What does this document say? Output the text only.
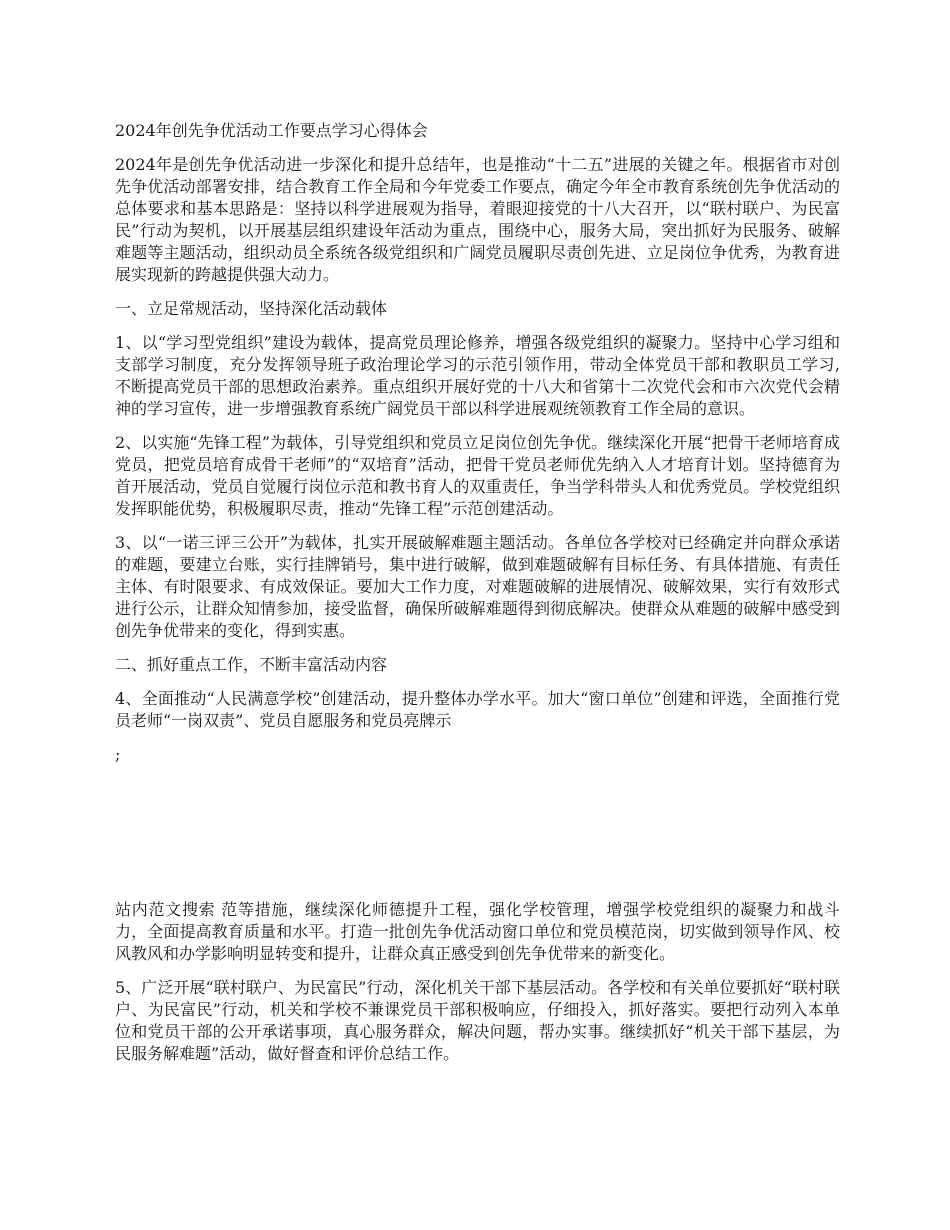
2024年创先争优活动工作要点学习心得体会

2024年是创先争优活动进一步深化和提升总结年，也是推动“十二五”进展的关键之年。根据省市对创先争优活动部署安排，结合教育工作全局和今年党委工作要点，确定今年全市教育系统创先争优活动的总体要求和基本思路是：坚持以科学进展观为指导，着眼迎接党的十八大召开，以“联村联户、为民富民”行动为契机，以开展基层组织建设年活动为重点，围绕中心，服务大局，突出抓好为民服务、破解难题等主题活动，组织动员全系统各级党组织和广阔党员履职尽责创先进、立足岗位争优秀，为教育进展实现新的跨越提供强大动力。

一、立足常规活动，坚持深化活动载体

1、以“学习型党组织”建设为载体，提高党员理论修养，增强各级党组织的凝聚力。坚持中心学习组和支部学习制度，充分发挥领导班子政治理论学习的示范引领作用，带动全体党员干部和教职员工学习,不断提高党员干部的思想政治素养。重点组织开展好党的十八大和省第十二次党代会和市六次党代会精神的学习宣传，进一步增强教育系统广阔党员干部以科学进展观统领教育工作全局的意识。

2、以实施“先锋工程”为载体，引导党组织和党员立足岗位创先争优。继续深化开展“把骨干老师培育成党员，把党员培育成骨干老师”的“双培育”活动，把骨干党员老师优先纳入人才培育计划。坚持德育为首开展活动，党员自觉履行岗位示范和教书育人的双重责任，争当学科带头人和优秀党员。学校党组织发挥职能优势，积极履职尽责，推动“先锋工程”示范创建活动。

3、以“一诺三评三公开”为载体，扎实开展破解难题主题活动。各单位各学校对已经确定并向群众承诺的难题，要建立台账，实行挂牌销号，集中进行破解，做到难题破解有目标任务、有具体措施、有责任主体、有时限要求、有成效保证。要加大工作力度，对难题破解的进展情况、破解效果，实行有效形式进行公示，让群众知情参加，接受监督，确保所破解难题得到彻底解决。使群众从难题的破解中感受到创先争优带来的变化，得到实惠。

二、抓好重点工作，不断丰富活动内容

4、全面推动“人民满意学校”创建活动，提升整体办学水平。加大“窗口单位”创建和评选，全面推行党员老师“一岗双责”、党员自愿服务和党员亮牌示

;

站内范文搜索 范等措施，继续深化师德提升工程，强化学校管理，增强学校党组织的凝聚力和战斗力，全面提高教育质量和水平。打造一批创先争优活动窗口单位和党员模范岗，切实做到领导作风、校风教风和办学影响明显转变和提升，让群众真正感受到创先争优带来的新变化。

5、广泛开展“联村联户、为民富民”行动，深化机关干部下基层活动。各学校和有关单位要抓好“联村联户、为民富民”行动，机关和学校不兼课党员干部积极响应，仔细投入，抓好落实。要把行动列入本单位和党员干部的公开承诺事项，真心服务群众，解决问题，帮办实事。继续抓好“机关干部下基层，为民服务解难题”活动，做好督查和评价总结工作。
